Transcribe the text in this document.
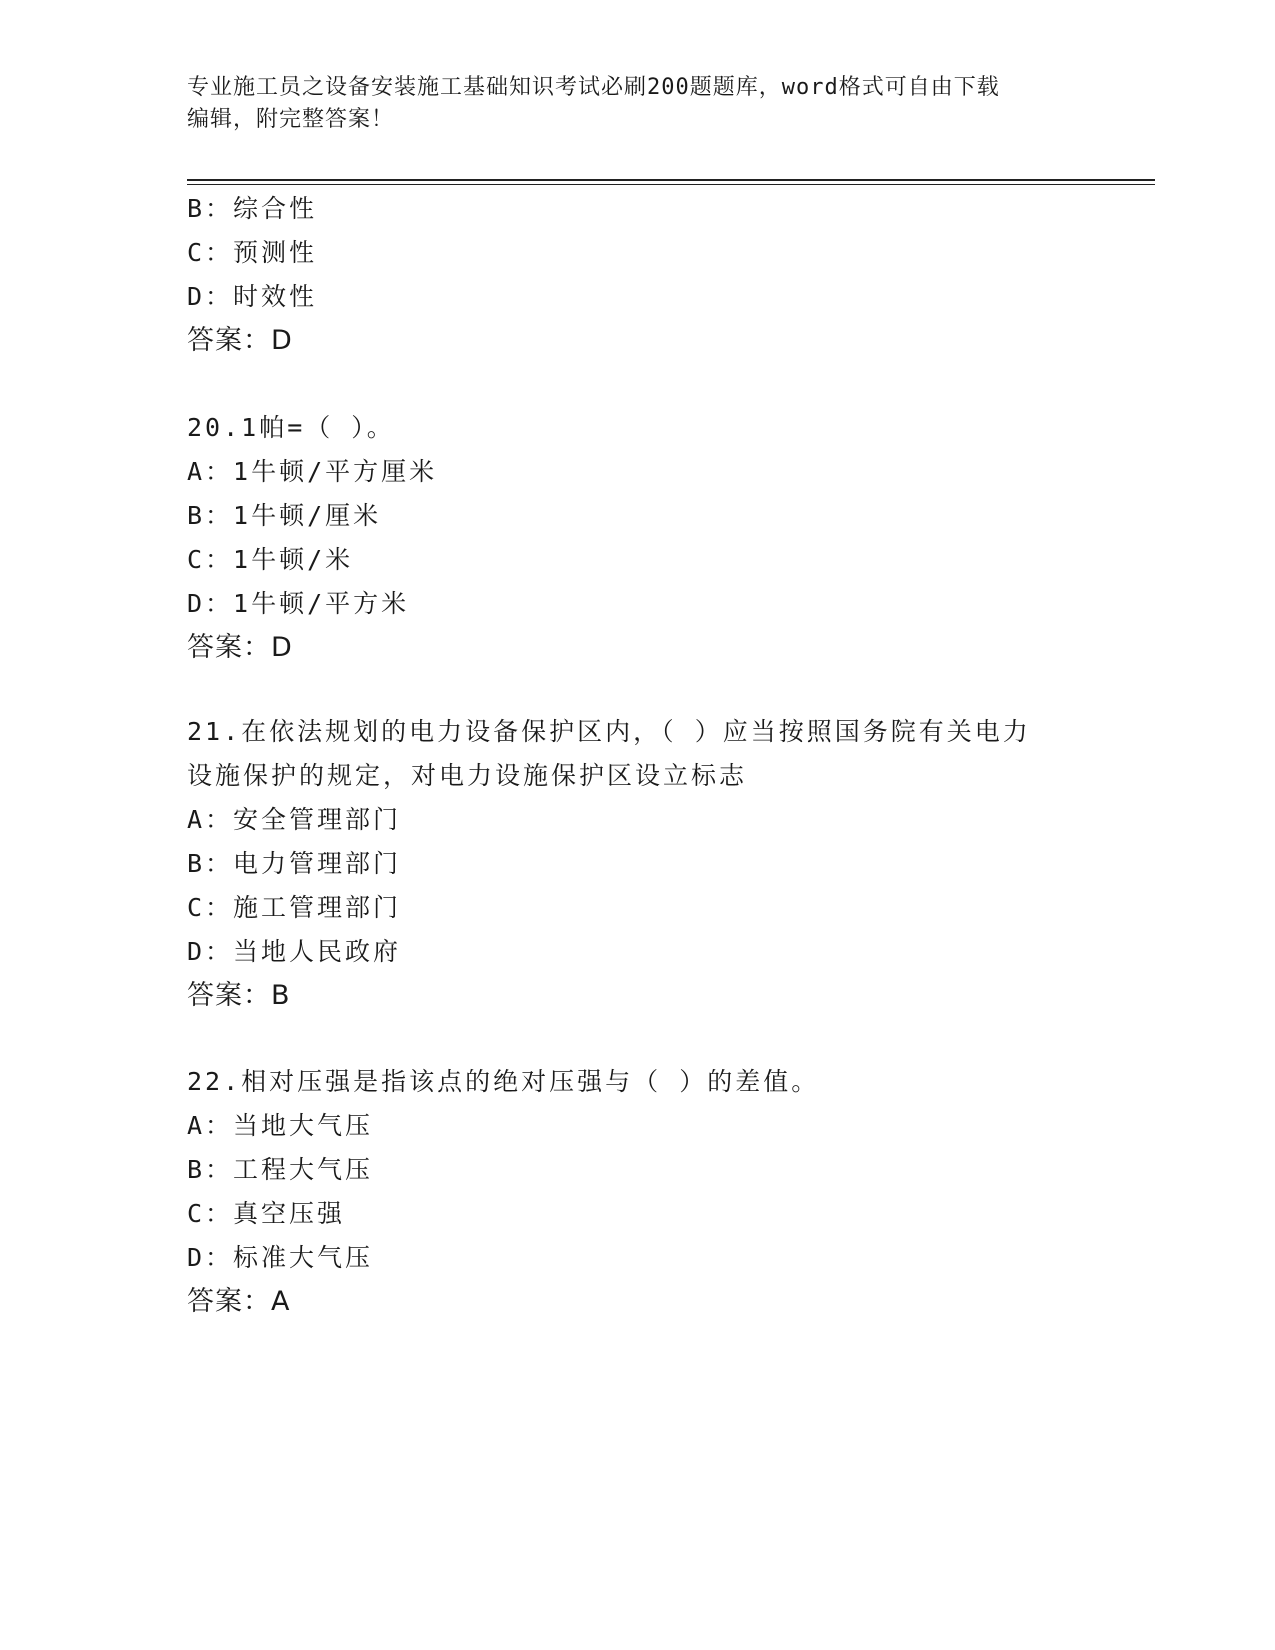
专业施工员之设备安装施工基础知识考试必刷200题题库，word格式可自由下载
编辑，附完整答案！
B：综合性
C：预测性
D：时效性
答案：D
20.1帕=（ ）。
A：1牛顿/平方厘米
B：1牛顿/厘米
C：1牛顿/米
D：1牛顿/平方米
答案：D
21.在依法规划的电力设备保护区内，（ ）应当按照国务院有关电力
设施保护的规定，对电力设施保护区设立标志
A：安全管理部门
B：电力管理部门
C：施工管理部门
D：当地人民政府
答案：B
22.相对压强是指该点的绝对压强与（ ）的差值。
A：当地大气压
B：工程大气压
C：真空压强
D：标准大气压
答案：A
